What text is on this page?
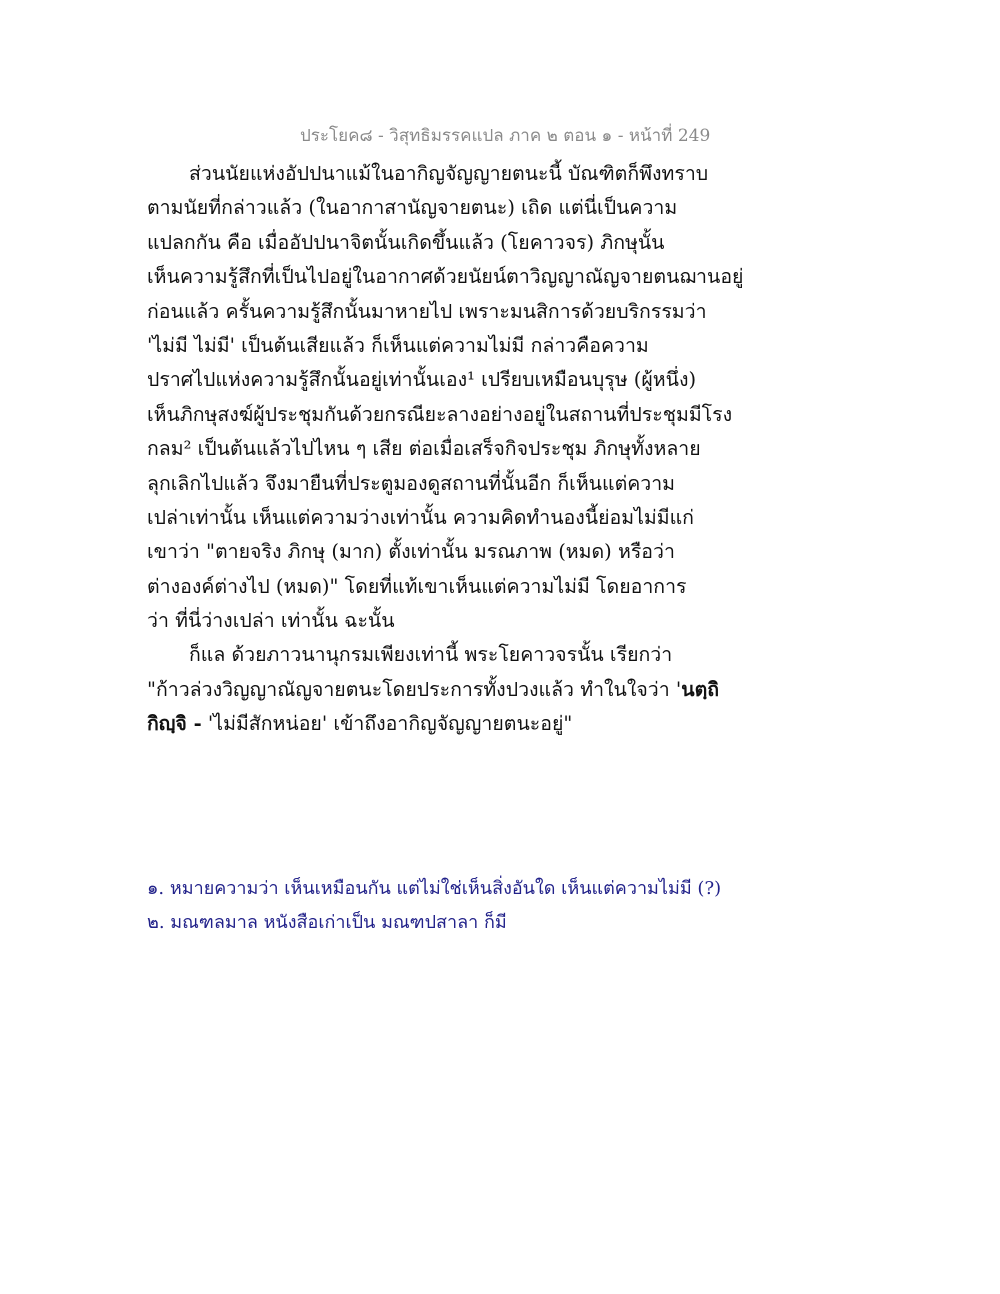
ประโยค๘ - วิสุทธิมรรคแปล ภาค ๒ ตอน ๑ - หน้าที่ 249
ส่วนนัยแห่งอัปปนาแม้ในอากิญจัญญายตนะนี้ บัณฑิตก็พึงทราบ
ตามนัยที่กล่าวแล้ว (ในอากาสานัญจายตนะ) เถิด แต่นี่เป็นความ
แปลกกัน คือ เมื่ออัปปนาจิตนั้นเกิดขึ้นแล้ว (โยคาวจร) ภิกษุนั้น
เห็นความรู้สึกที่เป็นไปอยู่ในอากาศด้วยนัยน์ตาวิญญาณัญจายตนฌานอยู่
ก่อนแล้ว ครั้นความรู้สึกนั้นมาหายไป เพราะมนสิการด้วยบริกรรมว่า
'ไม่มี ไม่มี' เป็นต้นเสียแล้ว ก็เห็นแต่ความไม่มี กล่าวคือความ
ปราศไปแห่งความรู้สึกนั้นอยู่เท่านั้นเอง¹ เปรียบเหมือนบุรุษ (ผู้หนึ่ง)
เห็นภิกษุสงฆ์ผู้ประชุมกันด้วยกรณียะลางอย่างอยู่ในสถานที่ประชุมมีโรง
กลม² เป็นต้นแล้วไปไหน ๆ เสีย ต่อเมื่อเสร็จกิจประชุม ภิกษุทั้งหลาย
ลุกเลิกไปแล้ว จึงมายืนที่ประตูมองดูสถานที่นั้นอีก ก็เห็นแต่ความ
เปล่าเท่านั้น เห็นแต่ความว่างเท่านั้น ความคิดทำนองนี้ย่อมไม่มีแก่
เขาว่า "ตายจริง ภิกษุ (มาก) ตั้งเท่านั้น มรณภาพ (หมด) หรือว่า
ต่างองค์ต่างไป (หมด)" โดยที่แท้เขาเห็นแต่ความไม่มี โดยอาการ
ว่า ที่นี่ว่างเปล่า เท่านั้น ฉะนั้น
ก็แล ด้วยภาวนานุกรมเพียงเท่านี้ พระโยคาวจรนั้น เรียกว่า
"ก้าวล่วงวิญญาณัญจายตนะโดยประการทั้งปวงแล้ว ทำในใจว่า 'นตฺถิ
กิญฺจิ - 'ไม่มีสักหน่อย' เข้าถึงอากิญจัญญายตนะอยู่"
๑. หมายความว่า เห็นเหมือนกัน แต่ไม่ใช่เห็นสิ่งอันใด เห็นแต่ความไม่มี (?)
๒. มณฑลมาล หนังสือเก่าเป็น มณฑปสาลา ก็มี
